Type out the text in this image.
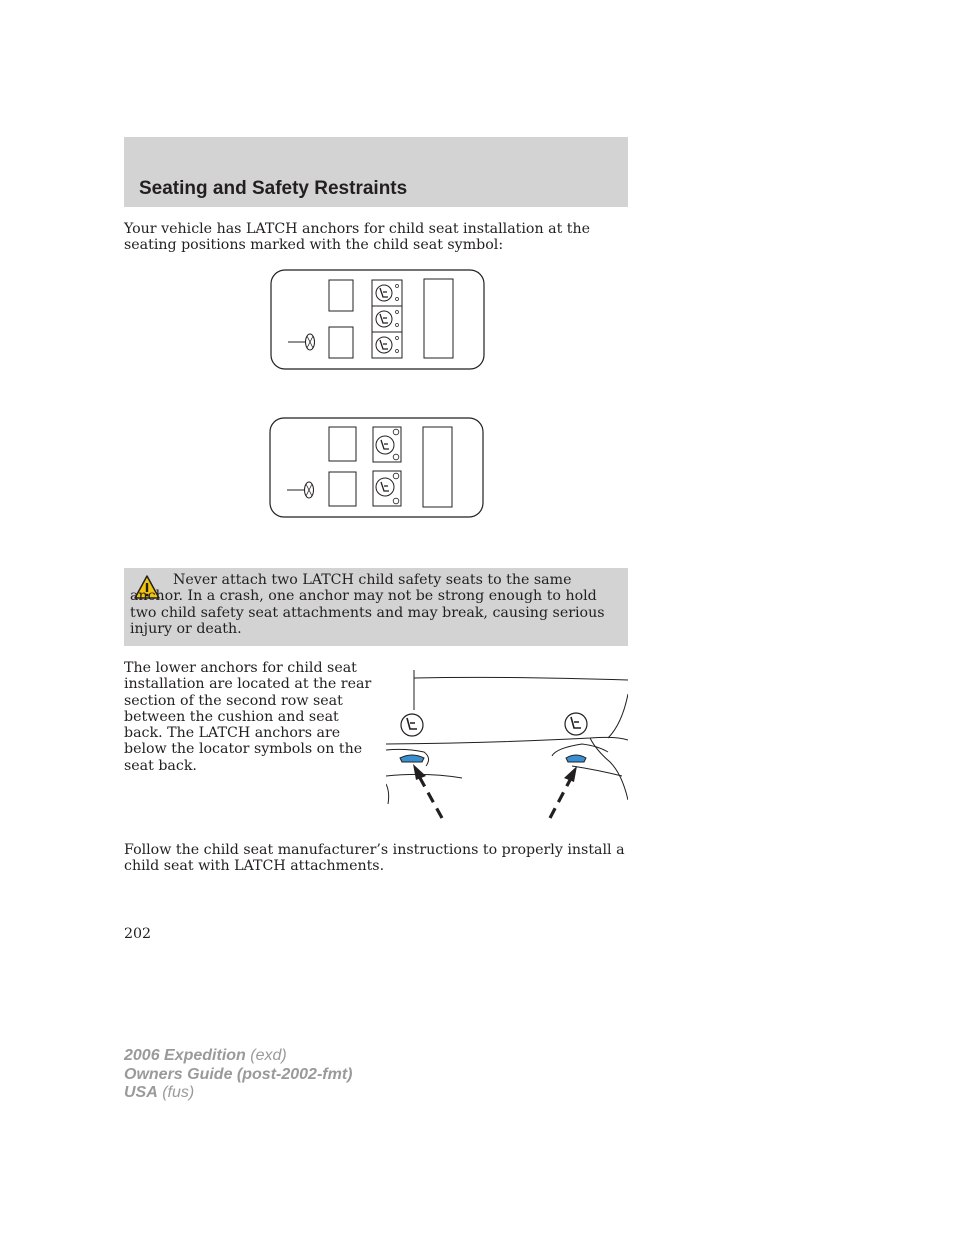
Seating and Safety Restraints

Your vehicle has LATCH anchors for child seat installation at the seating positions marked with the child seat symbol:

Never attach two LATCH child safety seats to the same anchor. In a crash, one anchor may not be strong enough to hold two child safety seat attachments and may break, causing serious injury or death.

The lower anchors for child seat installation are located at the rear section of the second row seat between the cushion and seat back. The LATCH anchors are below the locator symbols on the seat back.

Follow the child seat manufacturer’s instructions to properly install a child seat with LATCH attachments.

202
2006 Expedition (exd)
Owners Guide (post-2002-fmt)
USA (fus)
